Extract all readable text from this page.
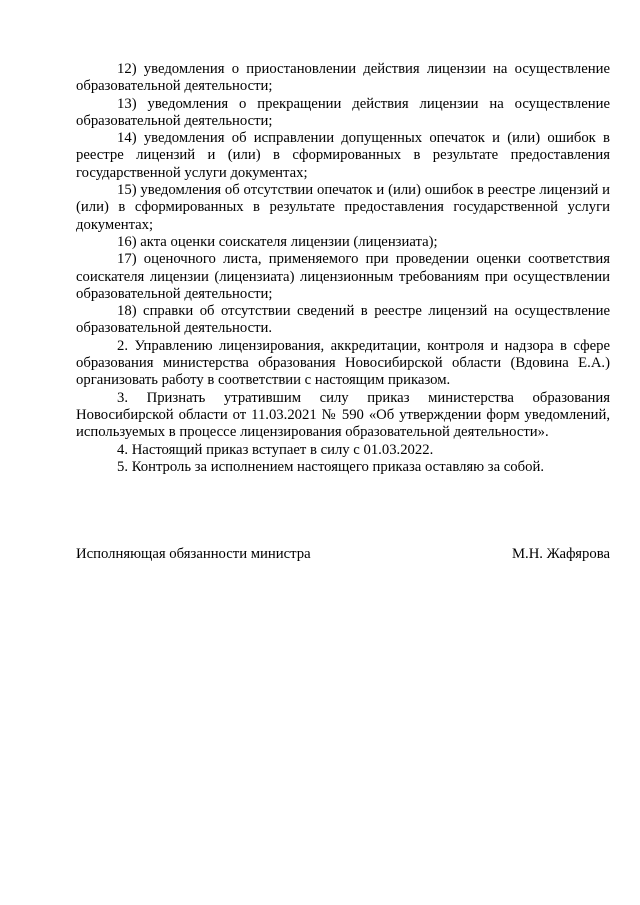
12) уведомления о приостановлении действия лицензии на осуществление образовательной деятельности;

13) уведомления о прекращении действия лицензии на осуществление образовательной деятельности;

14) уведомления об исправлении допущенных опечаток и (или) ошибок в реестре лицензий и (или) в сформированных в результате предоставления государственной услуги документах;

15) уведомления об отсутствии опечаток и (или) ошибок в реестре лицензий и (или) в сформированных в результате предоставления государственной услуги документах;

16) акта оценки соискателя лицензии (лицензиата);

17) оценочного листа, применяемого при проведении оценки соответствия соискателя лицензии (лицензиата) лицензионным требованиям при осуществлении образовательной деятельности;

18) справки об отсутствии сведений в реестре лицензий на осуществление образовательной деятельности.

2. Управлению лицензирования, аккредитации, контроля и надзора в сфере образования министерства образования Новосибирской области (Вдовина Е.А.) организовать работу в соответствии с настоящим приказом.

3. Признать утратившим силу приказ министерства образования Новосибирской области от 11.03.2021 № 590 «Об утверждении форм уведомлений, используемых в процессе лицензирования образовательной деятельности».

4. Настоящий приказ вступает в силу с 01.03.2022.

5. Контроль за исполнением настоящего приказа оставляю за собой.

Исполняющая обязанности министра	М.Н. Жафярова
